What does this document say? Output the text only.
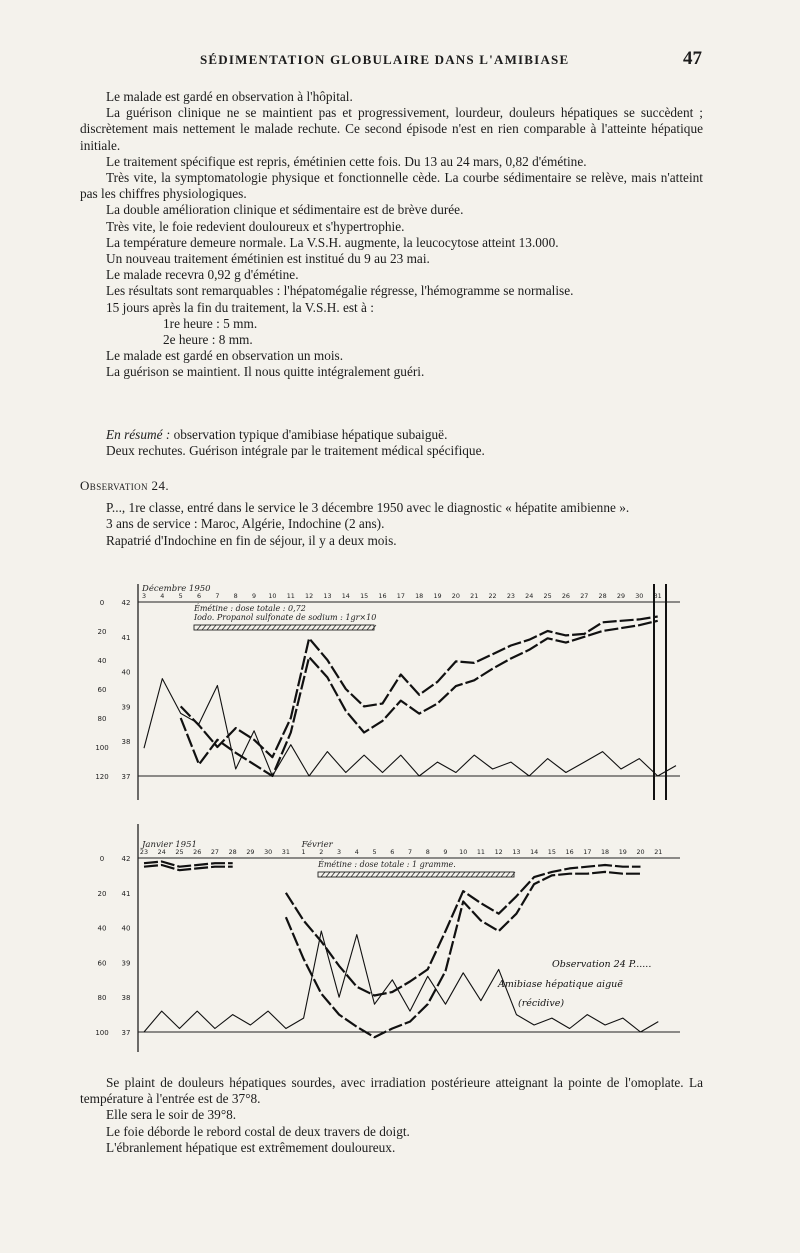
SÉDIMENTATION GLOBULAIRE DANS L'AMIBIASE	47

Le malade est gardé en observation à l'hôpital.

La guérison clinique ne se maintient pas et progressivement, lourdeur, douleurs hépatiques se succèdent ; discrètement mais nettement le malade rechute. Ce second épisode n'est en rien comparable à l'atteinte hépatique initiale.

Le traitement spécifique est repris, émétinien cette fois. Du 13 au 24 mars, 0,82 d'émétine.

Très vite, la symptomatologie physique et fonctionnelle cède. La courbe sédimentaire se relève, mais n'atteint pas les chiffres physiologiques.

La double amélioration clinique et sédimentaire est de brève durée.

Très vite, le foie redevient douloureux et s'hypertrophie.

La température demeure normale. La V.S.H. augmente, la leucocytose atteint 13.000.

Un nouveau traitement émétinien est institué du 9 au 23 mai.

Le malade recevra 0,92 g d'émétine.

Les résultats sont remarquables : l'hépatomégalie régresse, l'hémogramme se normalise.

15 jours après la fin du traitement, la V.S.H. est à :

1re heure : 5 mm.

2e heure : 8 mm.

Le malade est gardé en observation un mois.

La guérison se maintient. Il nous quitte intégralement guéri.

En résumé : observation typique d'amibiase hépatique subaiguë.

Deux rechutes. Guérison intégrale par le traitement médical spécifique.

Observation 24.

P..., 1re classe, entré dans le service le 3 décembre 1950 avec le diagnostic « hépatite amibienne ».

3 ans de service : Maroc, Algérie, Indochine (2 ans).

Rapatrié d'Indochine en fin de séjour, il y a deux mois.

42
41
40
39
38
37
0
20
40
60
80
100
120
3 4 5 6 7 8 9 10 11 12 13 14 15 16 17 18 19 20 21 22 23 24 25 26 27 28 29 30 31
Décembre 1950
Émétine : dose totale : 0,72
Iodo. Propanol sulfonate de sodium : 1gr×10
42
41
40
39
38
37
0
20
40
60
80
100
23 24 25 26 27 28 29 30 31 1 2 3 4 5 6 7 8 9 10 11 12 13 14 15 16 17 18 19 20 21
Janvier 1951	Février
Émétine : dose totale : 1 gramme.
Observation 24 P......
Amibiase hépatique aiguë
(récidive)

Se plaint de douleurs hépatiques sourdes, avec irradiation postérieure atteignant la pointe de l'omoplate. La température à l'entrée est de 37°8.

Elle sera le soir de 39°8.

Le foie déborde le rebord costal de deux travers de doigt.

L'ébranlement hépatique est extrêmement douloureux.
